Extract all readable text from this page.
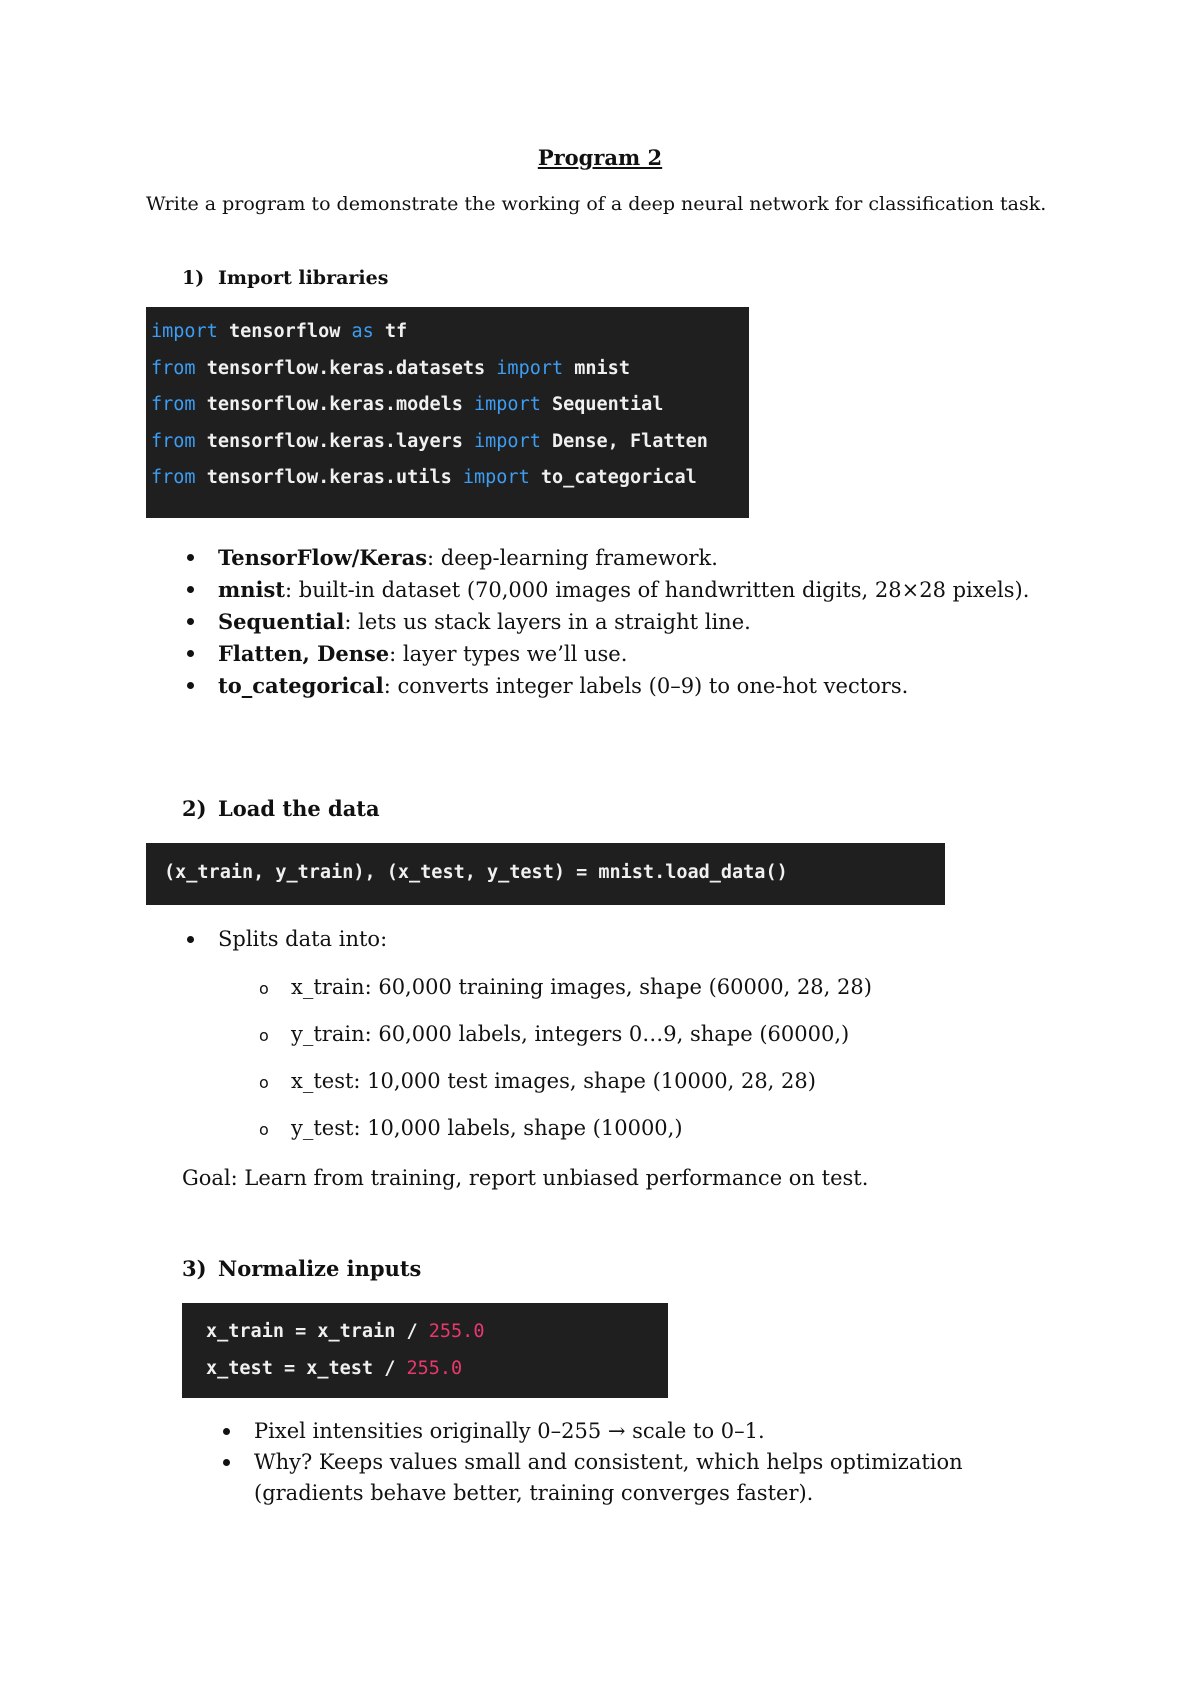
Program 2
Write a program to demonstrate the working of a deep neural network for classification task.
1) Import libraries
import tensorflow as tf
from tensorflow.keras.datasets import mnist
from tensorflow.keras.models import Sequential
from tensorflow.keras.layers import Dense, Flatten
from tensorflow.keras.utils import to_categorical
TensorFlow/Keras: deep-learning framework.
mnist: built-in dataset (70,000 images of handwritten digits, 28×28 pixels).
Sequential: lets us stack layers in a straight line.
Flatten, Dense: layer types we’ll use.
to_categorical: converts integer labels (0–9) to one-hot vectors.
2) Load the data
(x_train, y_train), (x_test, y_test) = mnist.load_data()
Splits data into:
o x_train: 60,000 training images, shape (60000, 28, 28)
o y_train: 60,000 labels, integers 0…9, shape (60000,)
o x_test: 10,000 test images, shape (10000, 28, 28)
o y_test: 10,000 labels, shape (10000,)
Goal: Learn from training, report unbiased performance on test.
3) Normalize inputs
x_train = x_train / 255.0
x_test = x_test / 255.0
Pixel intensities originally 0–255 → scale to 0–1.
Why? Keeps values small and consistent, which helps optimization (gradients behave better, training converges faster).
